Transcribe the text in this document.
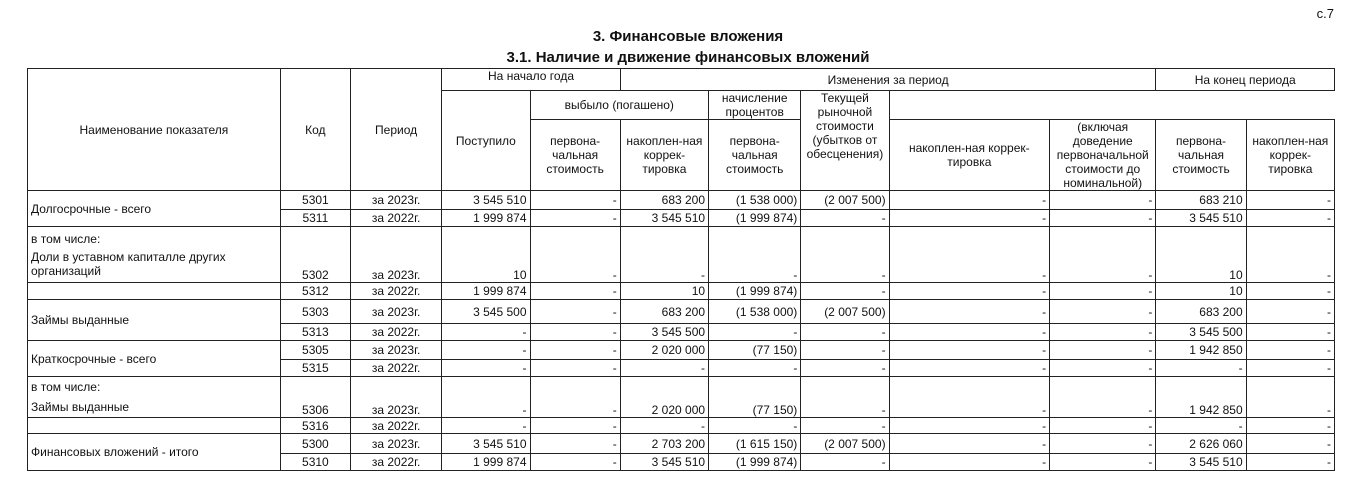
с.7
3. Финансовые вложения
3.1. Наличие и движение финансовых вложений
Наименование показателя	Код	Период	На начало года		Изменения за период					На конец периода	
			Поступило	выбыло (погашено)		начисление процентов	Текущей рыночной стоимости (убытков от обесценения)				
				первона-чальная стоимость	накоплен-ная коррек-тировка	первона-чальная стоимость		накоплен-ная коррек-тировка	(включая доведение первоначальной стоимости до номинальной)	первона-чальная стоимость	накоплен-ная коррек-тировка
Долгосрочные - всего	5301	за 2023г.	3 545 510	-	683 200	(1 538 000)	(2 007 500)	-	-	683 210	-
	5311	за 2022г.	1 999 874	-	3 545 510	(1 999 874)	-	-	-	3 545 510	-

в том числе:
Доли в уставном капиталле других организаций	5302	за 2023г.	10	-	-	-	-	-	-	10	-
	5312	за 2022г.	1 999 874	-	10	(1 999 874)	-	-	-	10	-
Займы выданные	5303	за 2023г.	3 545 500	-	683 200	(1 538 000)	(2 007 500)	-	-	683 200	-
	5313	за 2022г.	-	-	3 545 500	-	-	-	-	3 545 500	-
Краткосрочные - всего	5305	за 2023г.	-	-	2 020 000	(77 150)	-	-	-	1 942 850	-
	5315	за 2022г.	-	-	-	-	-	-	-	-	-

в том числе:
Займы выданные	5306	за 2023г.	-	-	2 020 000	(77 150)	-	-	-	1 942 850	-
	5316	за 2022г.	-	-	-	-	-	-	-	-	-
Финансовых вложений - итого	5300	за 2023г.	3 545 510	-	2 703 200	(1 615 150)	(2 007 500)	-	-	2 626 060	-
	5310	за 2022г.	1 999 874	-	3 545 510	(1 999 874)	-	-	-	3 545 510	-
